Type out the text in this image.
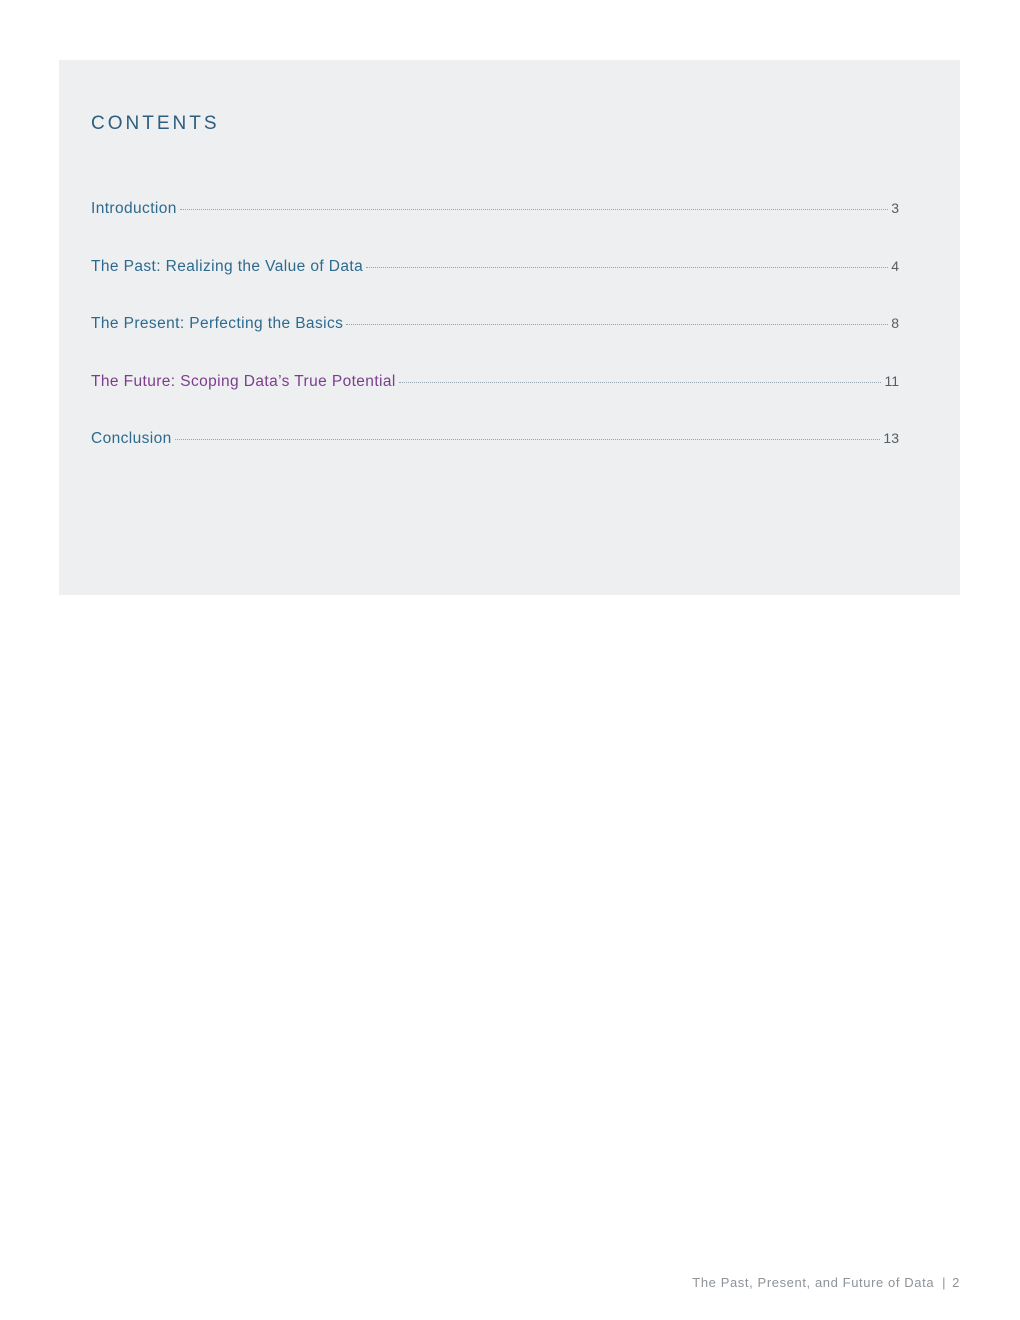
CONTENTS
Introduction	3
The Past: Realizing the Value of Data	4
The Present: Perfecting the Basics	8
The Future: Scoping Data’s True Potential	11
Conclusion	13
The Past, Present, and Future of Data | 2
